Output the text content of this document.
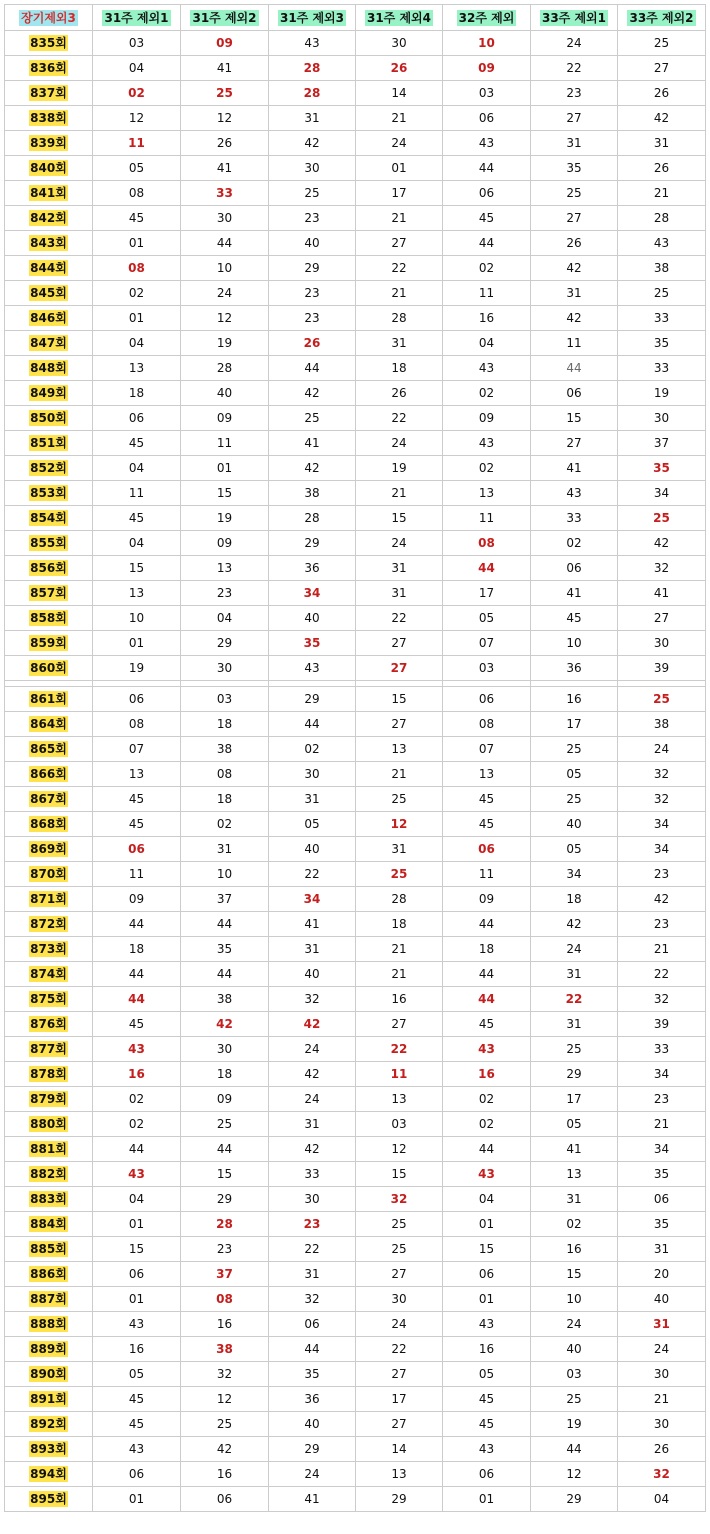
장기제외3	31주 제외1	31주 제외2	31주 제외3	31주 제외4	32주 제외	33주 제외1	33주 제외2
835회	03	09	43	30	10	24	25
836회	04	41	28	26	09	22	27
837회	02	25	28	14	03	23	26
838회	12	12	31	21	06	27	42
839회	11	26	42	24	43	31	31
840회	05	41	30	01	44	35	26
841회	08	33	25	17	06	25	21
842회	45	30	23	21	45	27	28
843회	01	44	40	27	44	26	43
844회	08	10	29	22	02	42	38
845회	02	24	23	21	11	31	25
846회	01	12	23	28	16	42	33
847회	04	19	26	31	04	11	35
848회	13	28	44	18	43	44	33
849회	18	40	42	26	02	06	19
850회	06	09	25	22	09	15	30
851회	45	11	41	24	43	27	37
852회	04	01	42	19	02	41	35
853회	11	15	38	21	13	43	34
854회	45	19	28	15	11	33	25
855회	04	09	29	24	08	02	42
856회	15	13	36	31	44	06	32
857회	13	23	34	31	17	41	41
858회	10	04	40	22	05	45	27
859회	01	29	35	27	07	10	30
860회	19	30	43	27	03	36	39

861회	06	03	29	15	06	16	25
864회	08	18	44	27	08	17	38
865회	07	38	02	13	07	25	24
866회	13	08	30	21	13	05	32
867회	45	18	31	25	45	25	32
868회	45	02	05	12	45	40	34
869회	06	31	40	31	06	05	34
870회	11	10	22	25	11	34	23
871회	09	37	34	28	09	18	42
872회	44	44	41	18	44	42	23
873회	18	35	31	21	18	24	21
874회	44	44	40	21	44	31	22
875회	44	38	32	16	44	22	32
876회	45	42	42	27	45	31	39
877회	43	30	24	22	43	25	33
878회	16	18	42	11	16	29	34
879회	02	09	24	13	02	17	23
880회	02	25	31	03	02	05	21
881회	44	44	42	12	44	41	34
882회	43	15	33	15	43	13	35
883회	04	29	30	32	04	31	06
884회	01	28	23	25	01	02	35
885회	15	23	22	25	15	16	31
886회	06	37	31	27	06	15	20
887회	01	08	32	30	01	10	40
888회	43	16	06	24	43	24	31
889회	16	38	44	22	16	40	24
890회	05	32	35	27	05	03	30
891회	45	12	36	17	45	25	21
892회	45	25	40	27	45	19	30
893회	43	42	29	14	43	44	26
894회	06	16	24	13	06	12	32
895회	01	06	41	29	01	29	04
